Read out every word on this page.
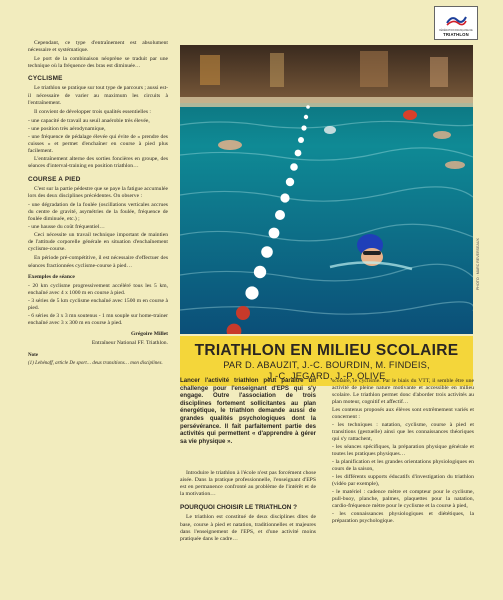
Cependant, ce type d'entraînement est absolument nécessaire et systématique.

Le port de la combinaison néoprène se traduit par une technique où la fréquence des bras est diminuée…

CYCLISME

Le triathlon se pratique sur tout type de parcours ; aussi est-il nécessaire de varier au maximum les circuits à l'entraînement.

Il convient de développer trois qualités essentielles :

- une capacité de travail au seuil anaérobie très élevée,

- une position très aérodynamique,

- une fréquence de pédalage élevée qui évite de « prendre des cuisses » et permet d'enchaîner en course à pied plus facilement.

L'entraînement alterne des sorties foncières en groupe, des séances d'interval-training en position triathlon…

COURSE A PIED

C'est sur la partie pédestre que se paye la fatigue accumulée lors des deux disciplines précédentes. On observe :

- une dégradation de la foulée (oscillations verticales accrues du centre de gravité, asymétries de la foulée, fréquence de foulée diminuée, etc.) ;

- une hausse du coût fréquentiel…

Ceci nécessite un travail technique important de maintien de l'attitude corporelle générale en situation d'enchaînement cyclisme-course.

En période pré-compétitive, il est nécessaire d'effectuer des séances fractionnées cyclisme-course à pied…

Exemples de séance

- 20 km cyclisme progressivement accéléré tous les 5 km, enchaîné avec 4 x 1000 m en course à pied.

- 3 séries de 5 km cyclisme enchaîné avec 1500 m en course à pied.

- 6 séries de 3 x 3 mn soutenus - 1 mn souple sur home-trainer enchaîné avec 3 x 300 m en course à pied.

Grégoire Millet

Entraîneur National FF. Triathlon.

Note

(1) Lehénaff, article De sport… deux transitions… mon disciplines.

FÉDÉRATION FRANÇAISE DE
TRIATHLON
PHOTO : MARC REVERSEAUX
TRIATHLON EN MILIEU SCOLAIRE
PAR D. ABAUZIT, J.-C. BOURDIN, M. FINDEIS,
J.-C. JEGARD, J.-P. OLIVE
Lancer l'activité triathlon peut paraître un challenge pour l'enseignant d'EPS qui s'y engage. Outre l'association de trois disciplines fortement sollicitantes au plan énergétique, le triathlon demande aussi de grandes qualités psychologiques dont la persévérance. Il fait parfaitement partie des activités qui permettent « d'apprendre à gérer sa vie physique ».

Introduire le triathlon à l'école n'est pas forcément chose aisée. Dans la pratique professionnelle, l'enseignant d'EPS est en permanence confronté au problème de l'intérêt et de la motivation…

POURQUOI CHOISIR LE TRIATHLON ?

Le triathlon est constitué de deux disciplines dites de base, course à pied et natation, traditionnelles et majeures dans l'enseignement de l'EPS, et d'une activité moins pratiquée dans le cadre…

scolaire, le cyclisme. Par le biais du VTT, il semble être une activité de pleine nature motivante et accessible en milieu scolaire. Le triathlon permet donc d'aborder trois activités au plan moteur, cognitif et affectif…

Les contenus proposés aux élèves sont extrêmement variés et concernent :

- les techniques : natation, cyclisme, course à pied et transitions (gestuelle) ainsi que les connaissances théoriques qui s'y rattachent,

- les séances spécifiques, la préparation physique générale et toutes les pratiques physiques…

- la planification et les grandes orientations physiologiques en cours de la saison,

- les différents supports éducatifs d'investigation du triathlon (vidéo par exemple),

- le matériel : cadence mètre et compteur pour le cyclisme, pull-buoy, planche, palmes, plaquettes pour la natation, cardio-fréquence mètre pour le cyclisme et la course à pied,

- les connaissances physiologiques et diététiques, la préparation psychologique.
